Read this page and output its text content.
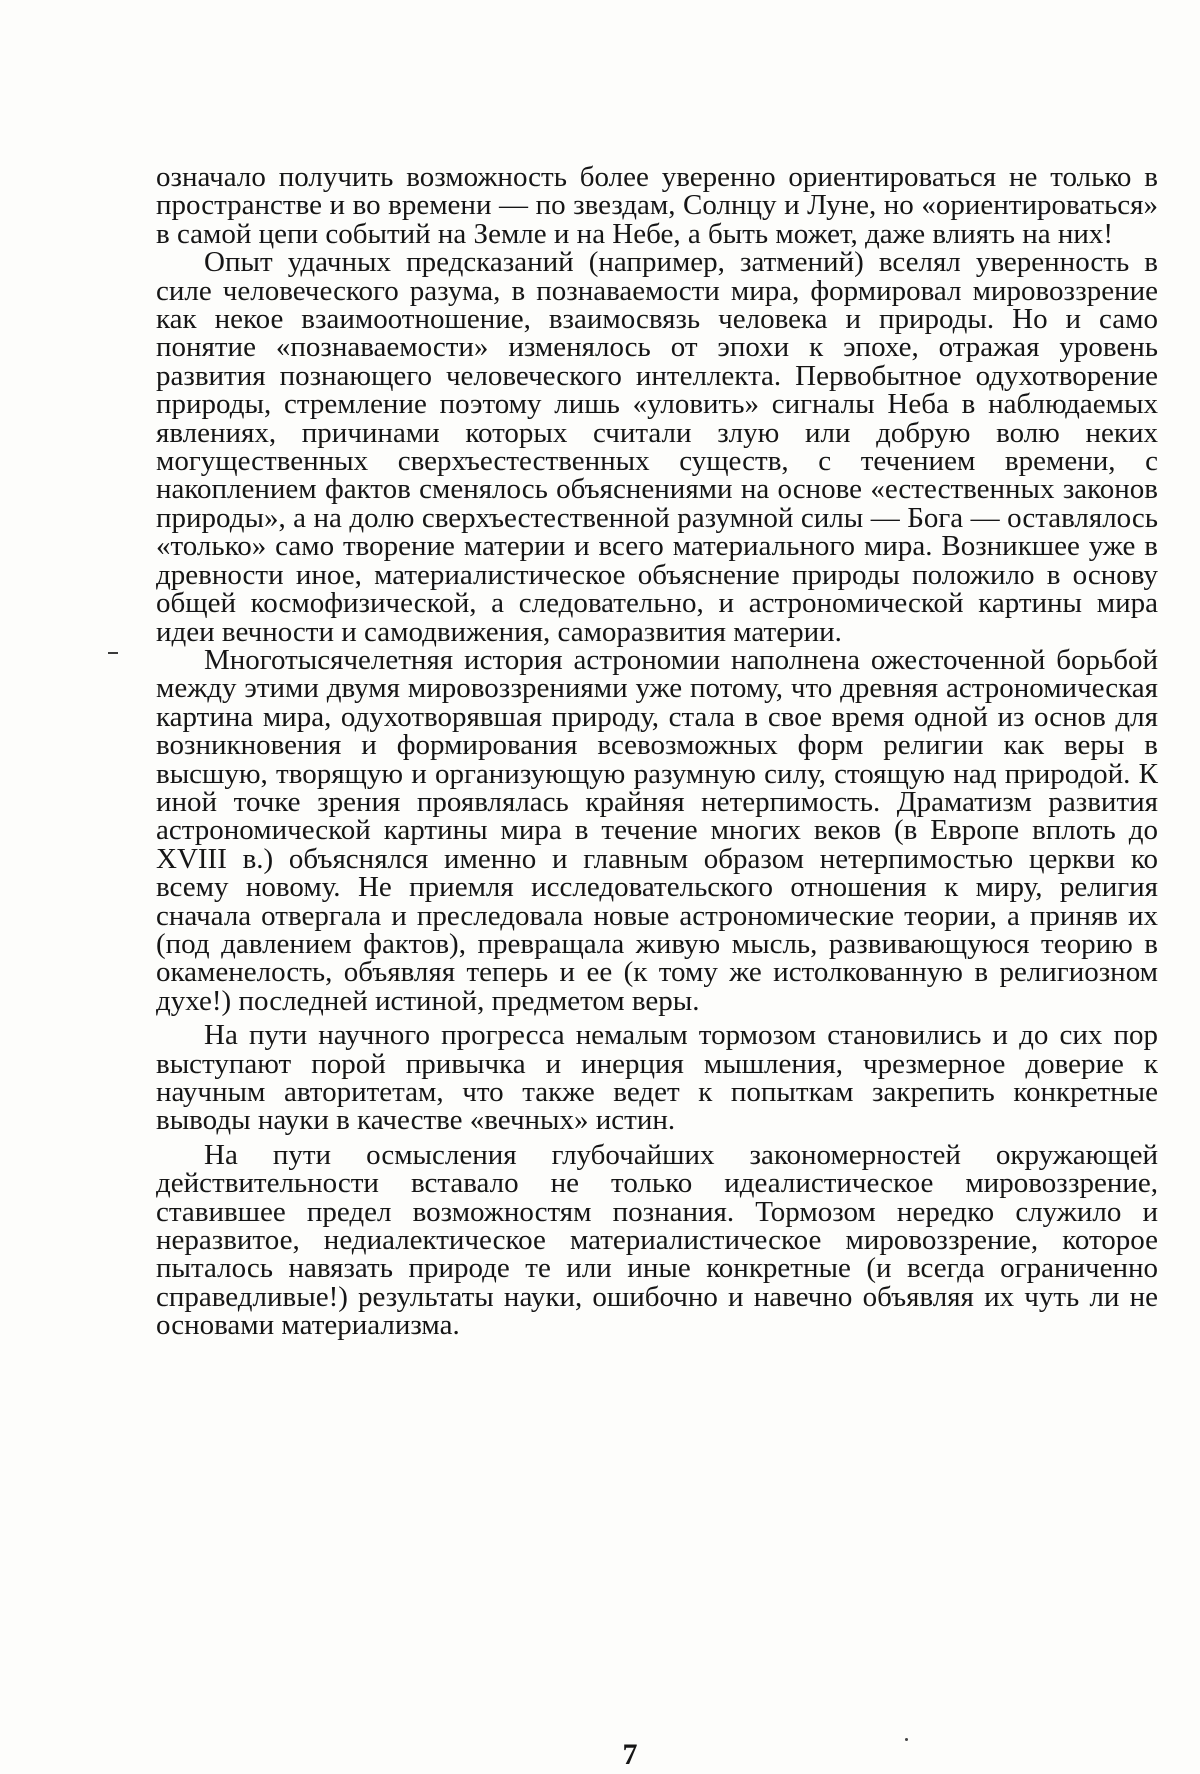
означало получить возможность более уверенно ориентироваться не только в пространстве и во времени — по звездам, Солнцу и Луне, но «ориентироваться» в самой цепи событий на Земле и на Небе, а быть может, даже влиять на них!

Опыт удачных предсказаний (например, затмений) вселял уверенность в силе человеческого разума, в познаваемости мира, формировал мировоззрение как некое взаимоотношение, взаимосвязь человека и природы. Но и само понятие «познаваемости» изменялось от эпохи к эпохе, отражая уровень развития познающего человеческого интеллекта. Первобытное одухотворение природы, стремление поэтому лишь «уловить» сигналы Неба в наблюдаемых явлениях, причинами которых считали злую или добрую волю неких могущественных сверхъестественных существ, с течением времени, с накоплением фактов сменялось объяснениями на основе «естественных законов природы», а на долю сверхъестественной разумной силы — Бога — оставлялось «только» само творение материи и всего материального мира. Возникшее уже в древности иное, материалистическое объяснение природы положило в основу общей космофизической, а следовательно, и астрономической картины мира идеи вечности и самодвижения, саморазвития материи.

Многотысячелетняя история астрономии наполнена ожесточенной борьбой между этими двумя мировоззрениями уже потому, что древняя астрономическая картина мира, одухотворявшая природу, стала в свое время одной из основ для возникновения и формирования всевозможных форм религии как веры в высшую, творящую и организующую разумную силу, стоящую над природой. К иной точке зрения проявлялась крайняя нетерпимость. Драматизм развития астрономической картины мира в течение многих веков (в Европе вплоть до XVIII в.) объяснялся именно и главным образом нетерпимостью церкви ко всему новому. Не приемля исследовательского отношения к миру, религия сначала отвергала и преследовала новые астрономические теории, а приняв их (под давлением фактов), превращала живую мысль, развивающуюся теорию в окаменелость, объявляя теперь и ее (к тому же истолкованную в религиозном духе!) последней истиной, предметом веры.

На пути научного прогресса немалым тормозом становились и до сих пор выступают порой привычка и инерция мышления, чрезмерное доверие к научным авторитетам, что также ведет к попыткам закрепить конкретные выводы науки в качестве «вечных» истин.

На пути осмысления глубочайших закономерностей окружающей действительности вставало не только идеалистическое мировоззрение, ставившее предел возможностям познания. Тормозом нередко служило и неразвитое, недиалектическое материалистическое мировоззрение, которое пыталось навязать природе те или иные конкретные (и всегда ограниченно справедливые!) результаты науки, ошибочно и навечно объявляя их чуть ли не основами материализма.

7
